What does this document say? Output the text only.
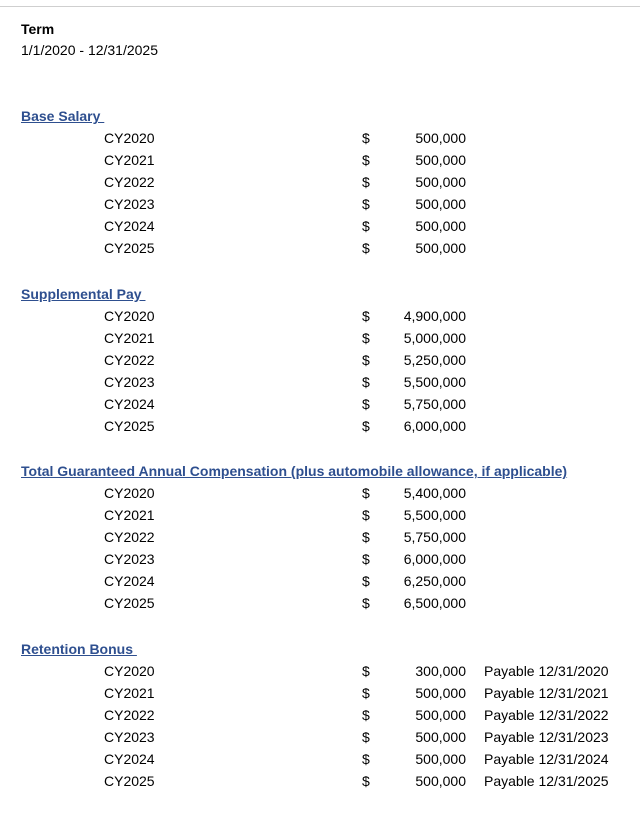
Term
1/1/2020 - 12/31/2025
Base Salary
CY2020	$	500,000
CY2021	$	500,000
CY2022	$	500,000
CY2023	$	500,000
CY2024	$	500,000
CY2025	$	500,000
Supplemental Pay
CY2020	$ 4,900,000
CY2021	$ 5,000,000
CY2022	$ 5,250,000
CY2023	$ 5,500,000
CY2024	$ 5,750,000
CY2025	$ 6,000,000
Total Guaranteed Annual Compensation (plus automobile allowance, if applicable)
CY2020	$ 5,400,000
CY2021	$ 5,500,000
CY2022	$ 5,750,000
CY2023	$ 6,000,000
CY2024	$ 6,250,000
CY2025	$ 6,500,000
Retention Bonus
CY2020	$	300,000 Payable 12/31/2020
CY2021	$	500,000 Payable 12/31/2021
CY2022	$	500,000 Payable 12/31/2022
CY2023	$	500,000 Payable 12/31/2023
CY2024	$	500,000 Payable 12/31/2024
CY2025	$	500,000 Payable 12/31/2025
